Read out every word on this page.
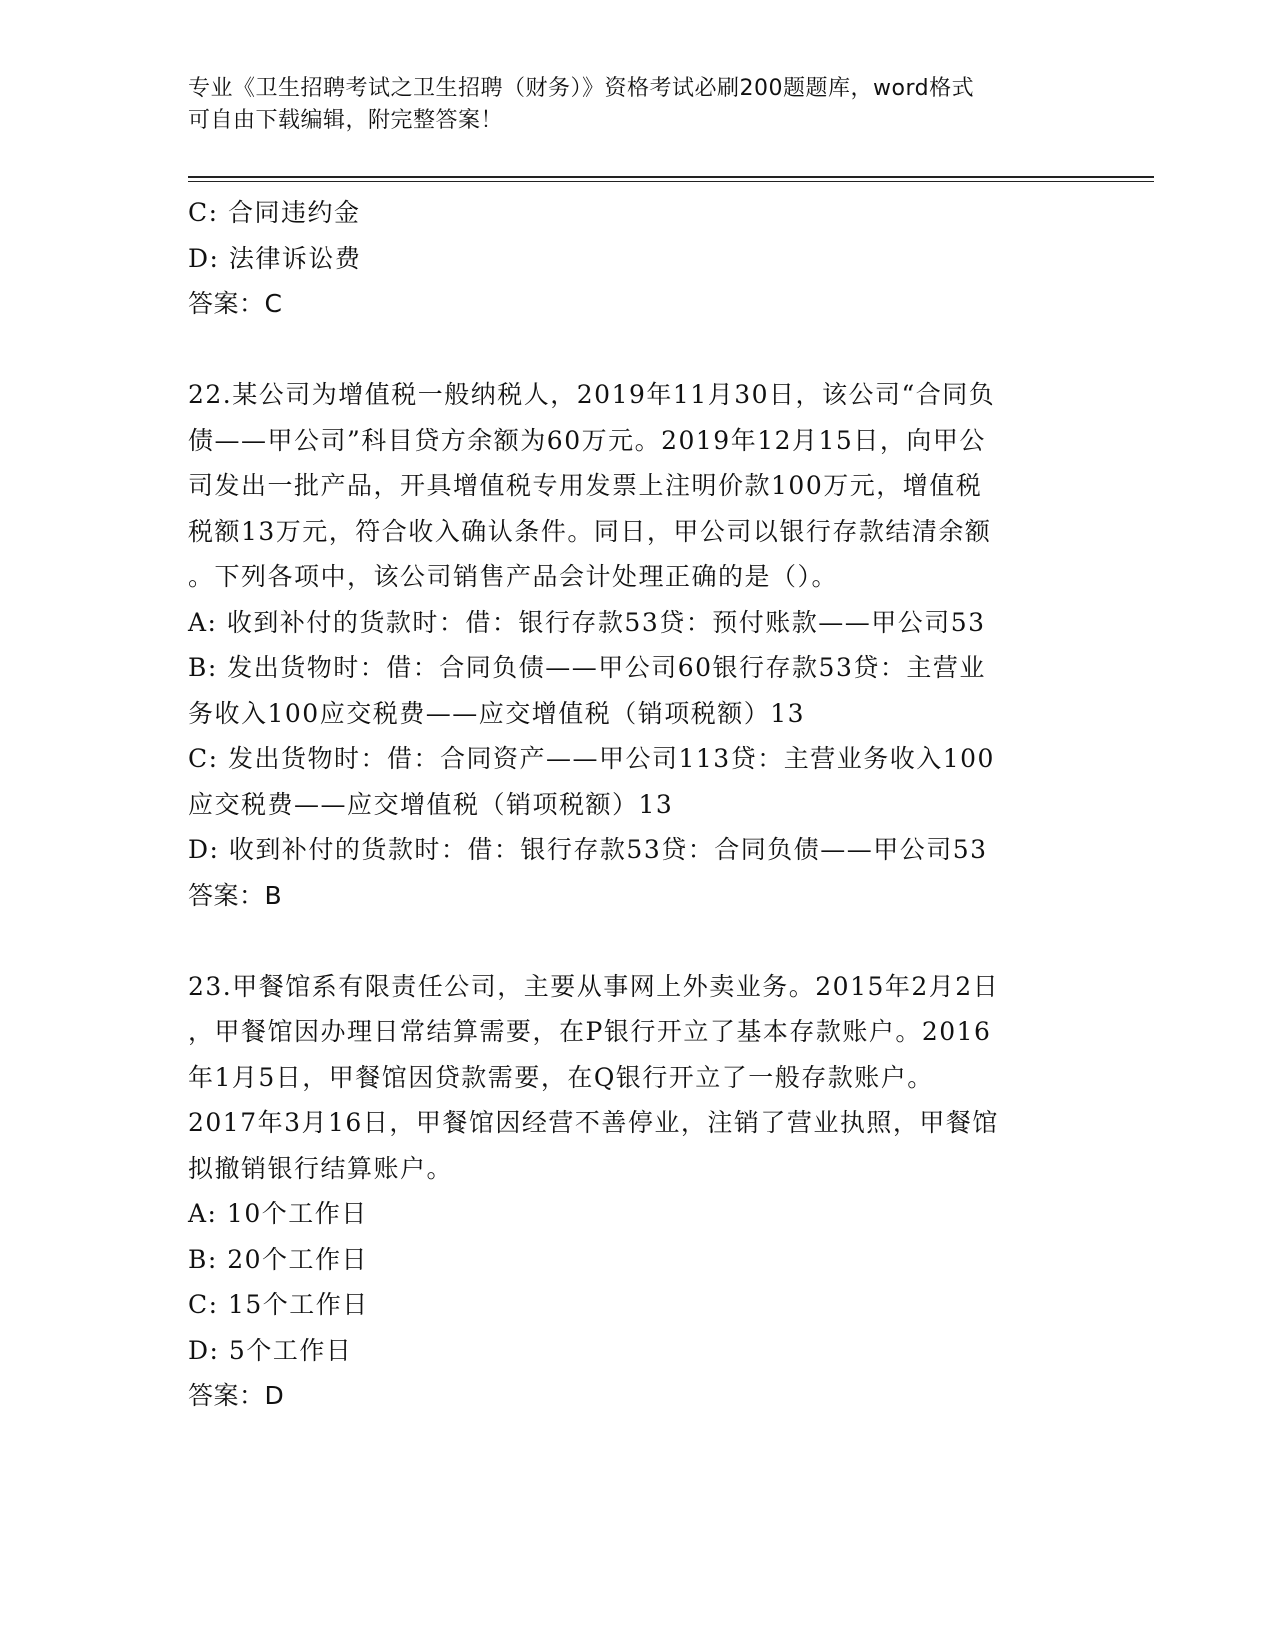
专业《卫生招聘考试之卫生招聘（财务）》资格考试必刷200题题库，word格式
可自由下载编辑，附完整答案！
C: 合同违约金
D: 法律诉讼费
答案：C
22.某公司为增值税一般纳税人，2019年11月30日，该公司“合同负
债——甲公司”科目贷方余额为60万元。2019年12月15日，向甲公
司发出一批产品，开具增值税专用发票上注明价款100万元，增值税
税额13万元，符合收入确认条件。同日，甲公司以银行存款结清余额
。下列各项中，该公司销售产品会计处理正确的是（）。
A: 收到补付的货款时：借：银行存款53贷：预付账款——甲公司53
B: 发出货物时：借：合同负债——甲公司60银行存款53贷：主营业
务收入100应交税费——应交增值税（销项税额）13
C: 发出货物时：借：合同资产——甲公司113贷：主营业务收入100
应交税费——应交增值税（销项税额）13
D: 收到补付的货款时：借：银行存款53贷：合同负债——甲公司53
答案：B
23.甲餐馆系有限责任公司，主要从事网上外卖业务。2015年2月2日
，甲餐馆因办理日常结算需要，在P银行开立了基本存款账户。2016
年1月5日，甲餐馆因贷款需要，在Q银行开立了一般存款账户。
2017年3月16日，甲餐馆因经营不善停业，注销了营业执照，甲餐馆
拟撤销银行结算账户。
A: 10个工作日
B: 20个工作日
C: 15个工作日
D: 5个工作日
答案：D
